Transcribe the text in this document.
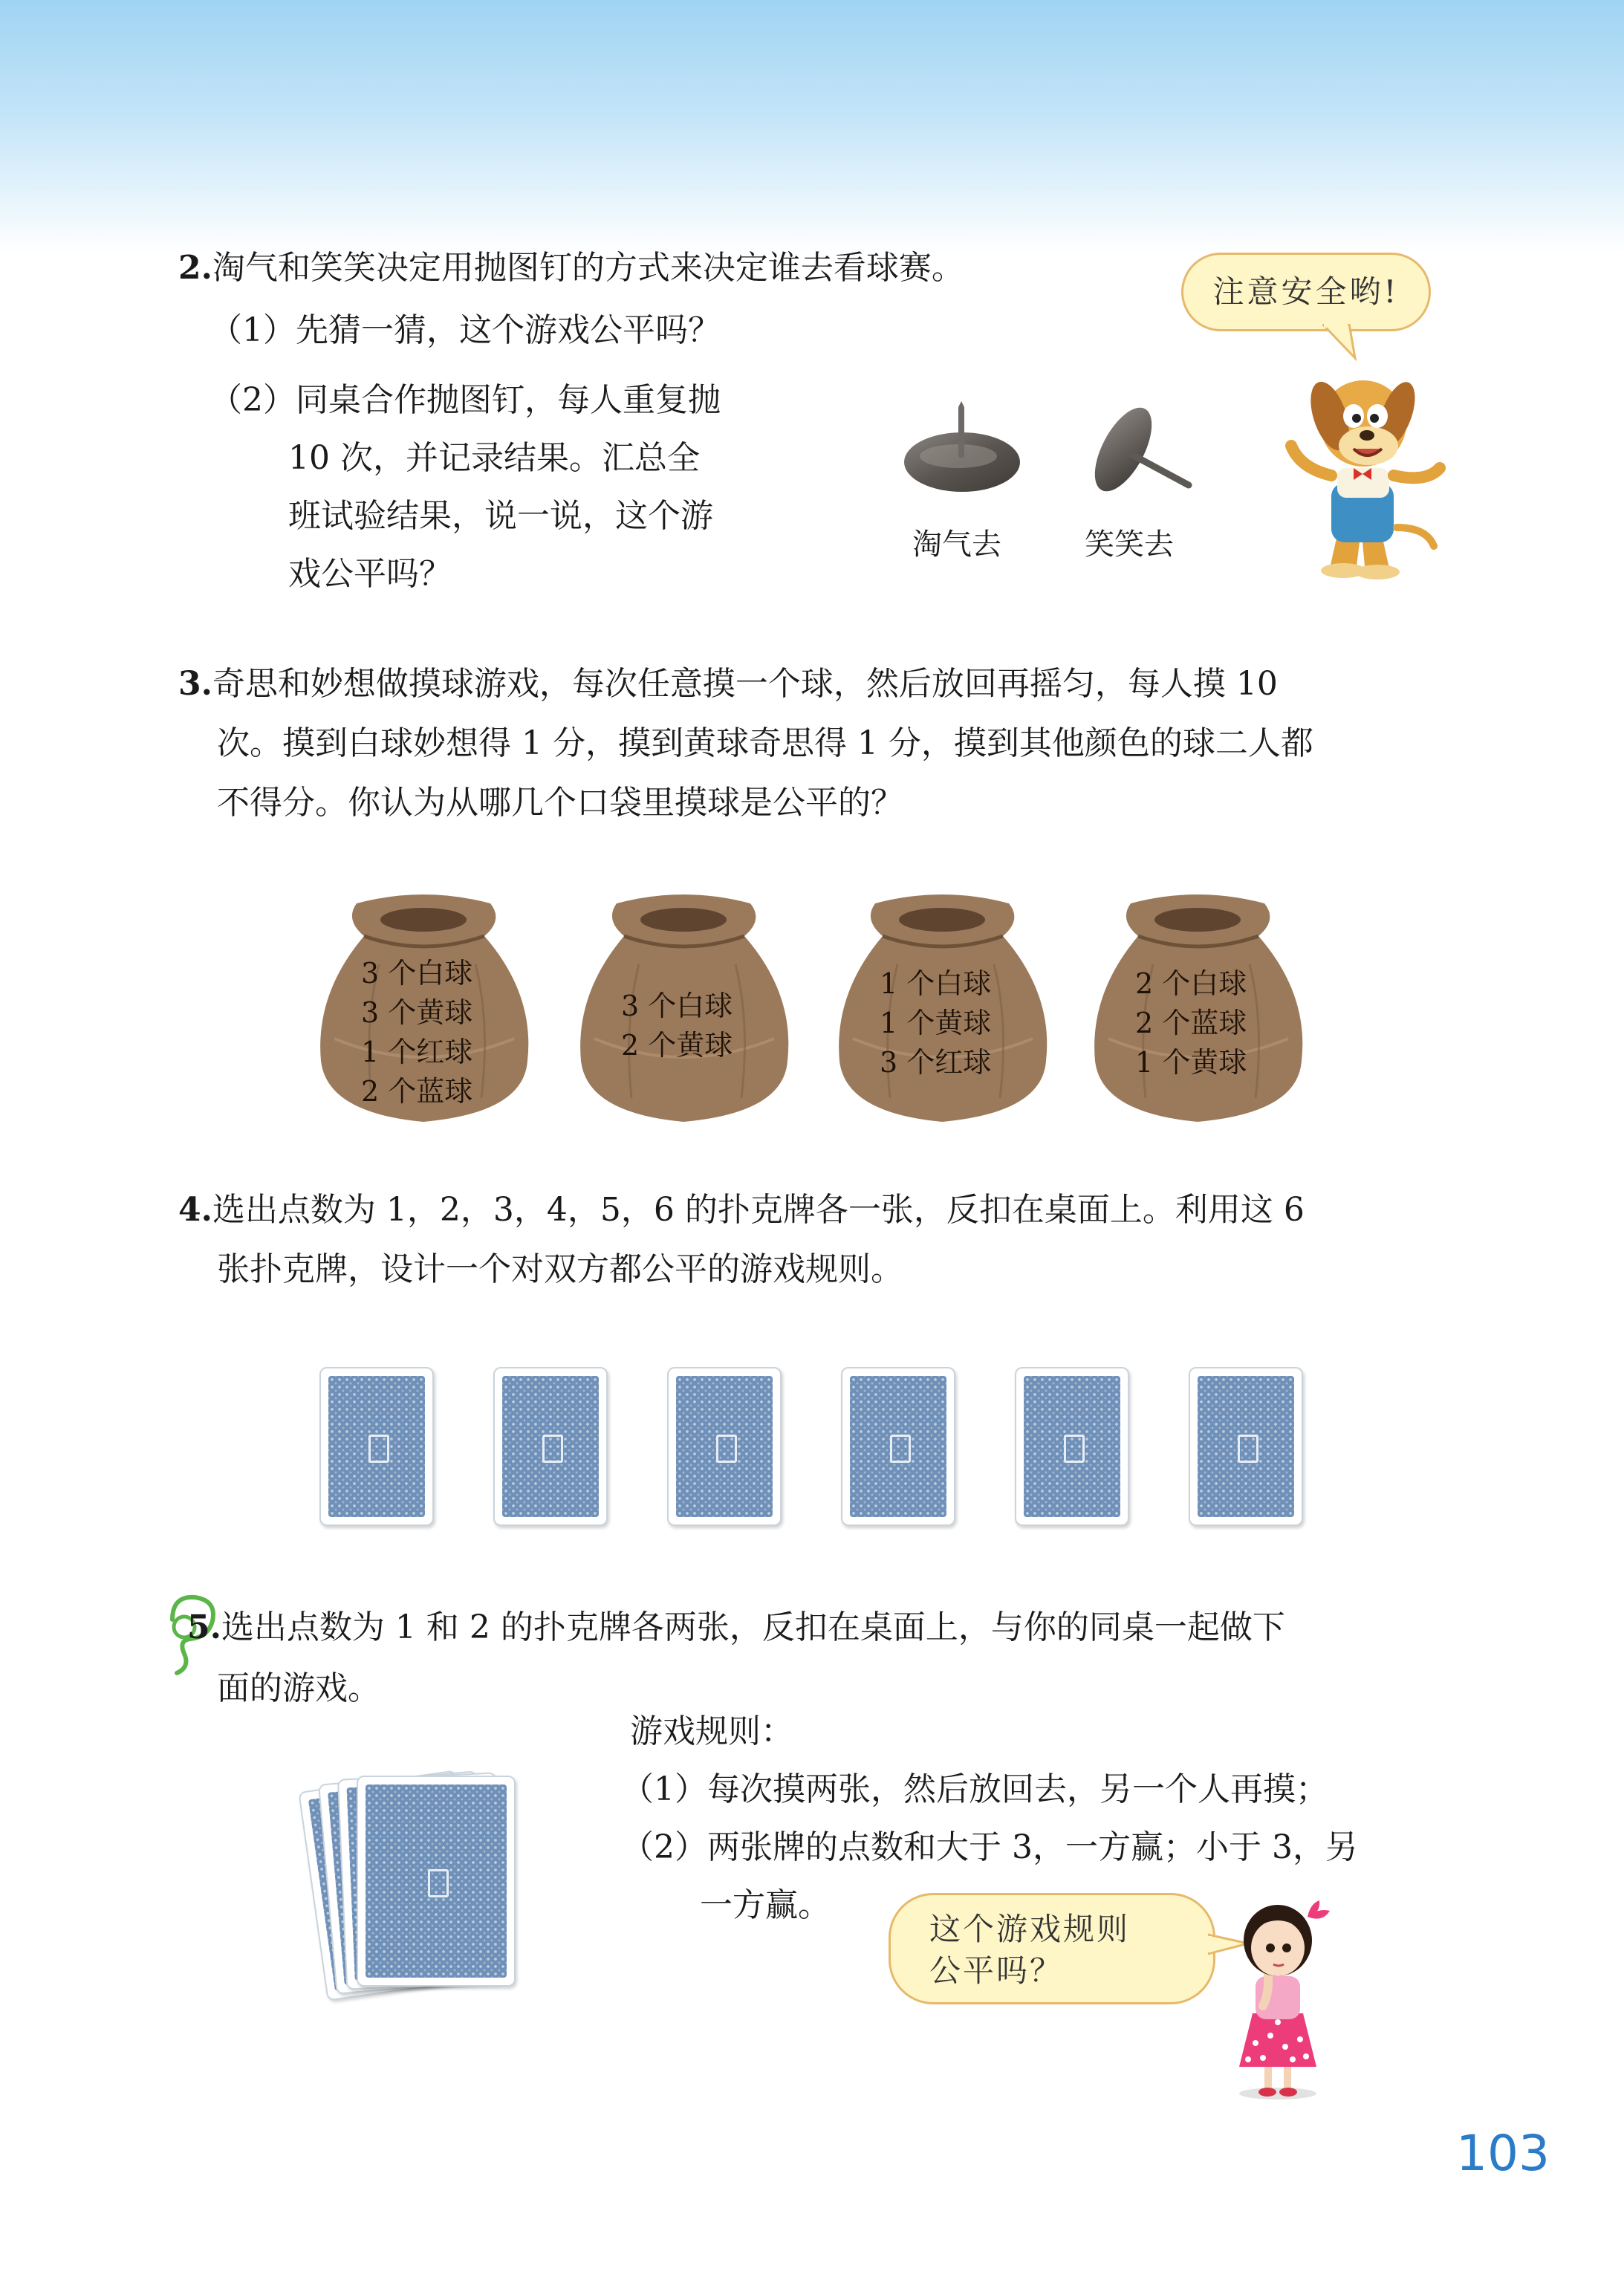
2.淘气和笑笑决定用抛图钉的方式来决定谁去看球赛。
（1）先猜一猜，这个游戏公平吗？
（2）同桌合作抛图钉，每人重复抛
10 次，并记录结果。汇总全
班试验结果，说一说，这个游
戏公平吗？
淘气去	笑笑去
注意安全哟!
3.奇思和妙想做摸球游戏，每次任意摸一个球，然后放回再摇匀，每人摸 10
次。摸到白球妙想得 1 分，摸到黄球奇思得 1 分，摸到其他颜色的球二人都
不得分。你认为从哪几个口袋里摸球是公平的？
3 个白球
3 个黄球
1 个红球
2 个蓝球
3 个白球
2 个黄球
1 个白球
1 个黄球
3 个红球
2 个白球
2 个蓝球
1 个黄球
4.选出点数为 1，2，3，4，5，6 的扑克牌各一张，反扣在桌面上。利用这 6
张扑克牌，设计一个对双方都公平的游戏规则。
5.选出点数为 1 和 2 的扑克牌各两张，反扣在桌面上，与你的同桌一起做下
面的游戏。
游戏规则：
（1）每次摸两张，然后放回去，另一个人再摸；
（2）两张牌的点数和大于 3，一方赢；小于 3，另
一方赢。
这个游戏规则
公平吗？
103
